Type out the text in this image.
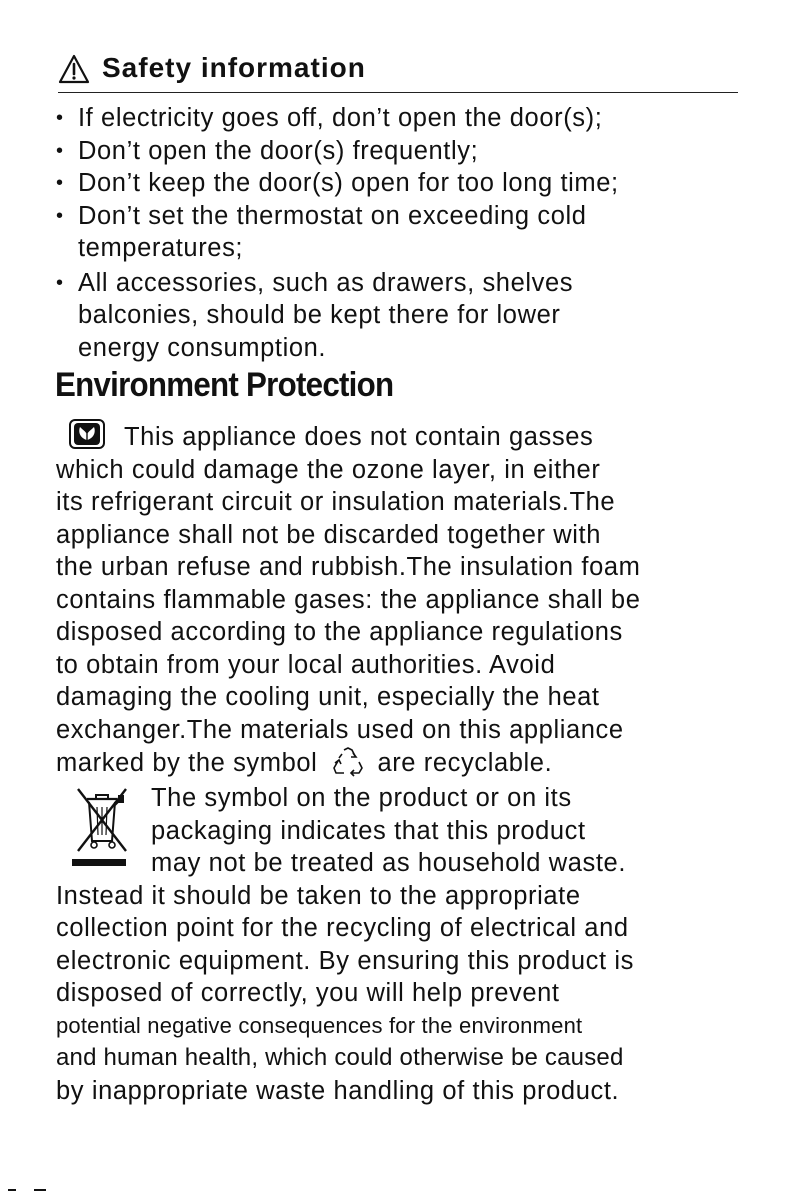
Safety information
• If electricity goes off, don’t open the door(s);
• Don’t open the door(s) frequently;
• Don’t keep the door(s) open for too long time;
• Don’t set the thermostat on exceeding cold
temperatures;
• All accessories, such as drawers, shelves
balconies, should be kept there for lower
energy consumption.
Environment Protection
This appliance does not contain gasses
which could damage the ozone layer, in either
its refrigerant circuit or insulation materials.The
appliance shall not be discarded together with
the urban refuse and rubbish.The insulation foam
contains flammable gases: the appliance shall be
disposed according to the appliance regulations
to obtain from your local authorities. Avoid
damaging the cooling unit, especially the heat
exchanger.The materials used on this appliance
marked by the symbol are recyclable.
The symbol on the product or on its
packaging indicates that this product
may not be treated as household waste.
Instead it should be taken to the appropriate
collection point for the recycling of electrical and
electronic equipment. By ensuring this product is
disposed of correctly, you will help prevent
potential negative consequences for the environment
and human health, which could otherwise be caused
by inappropriate waste handling of this product.
